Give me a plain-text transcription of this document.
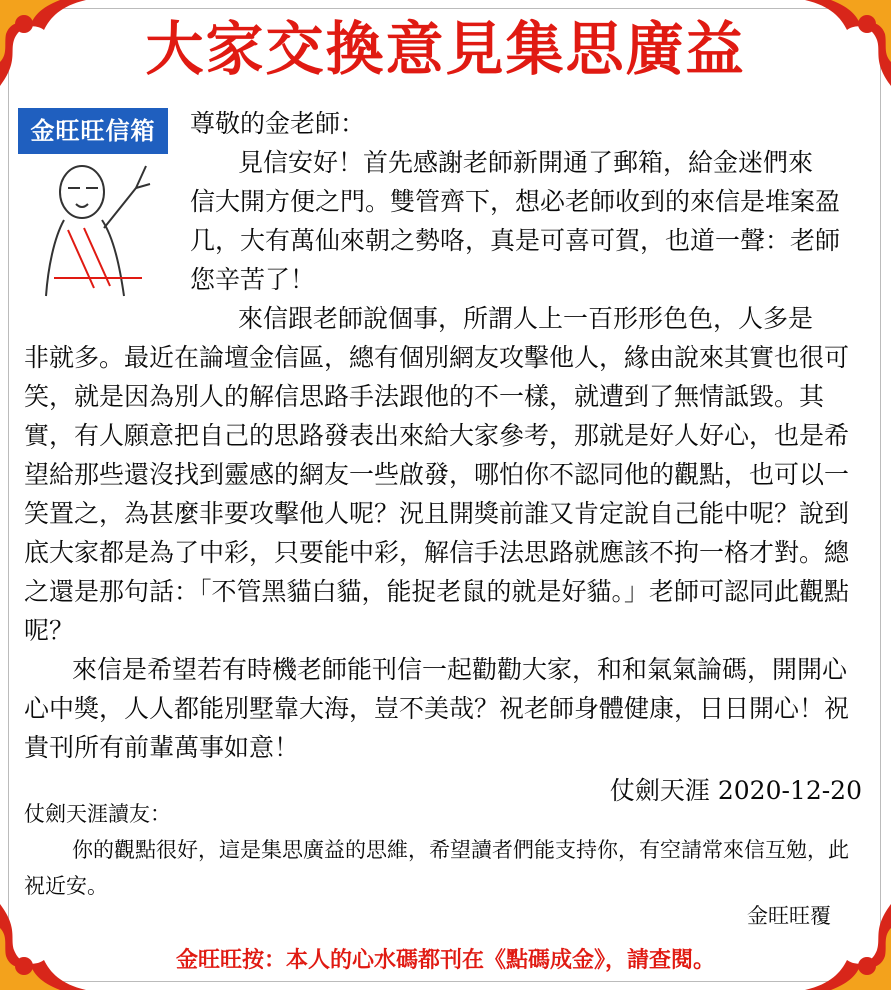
大家交換意見集思廣益
金旺旺信箱	尊敬的金老師：

見信安好！首先感謝老師新開通了郵箱，給金迷們來

信大開方便之門。雙管齊下，想必老師收到的來信是堆案盈几，大有萬仙來朝之勢咯，真是可喜可賀，也道一聲：老師您辛苦了！

來信跟老師說個事，所謂人上一百形形色色，人多是

非就多。最近在論壇金信區，總有個別網友攻擊他人，緣由說來其實也很可笑，就是因為別人的解信思路手法跟他的不一樣，就遭到了無情詆毀。其實，有人願意把自己的思路發表出來給大家參考，那就是好人好心，也是希望給那些還沒找到靈感的網友一些啟發，哪怕你不認同他的觀點，也可以一笑置之，為甚麼非要攻擊他人呢？況且開獎前誰又肯定說自己能中呢？說到底大家都是為了中彩，只要能中彩，解信手法思路就應該不拘一格才對。總之還是那句話：「不管黑貓白貓，能捉老鼠的就是好貓。」老師可認同此觀點呢？

來信是希望若有時機老師能刊信一起勸勸大家，和和氣氣論碼，開開心心中獎，人人都能別墅靠大海，豈不美哉？祝老師身體健康，日日開心！祝貴刊所有前輩萬事如意！

仗劍天涯 2020-12-20

仗劍天涯讀友：

你的觀點很好，這是集思廣益的思維，希望讀者們能支持你，有空請常來信互勉，此祝近安。

金旺旺覆
金旺旺按：本人的心水碼都刊在《點碼成金》，請查閱。
